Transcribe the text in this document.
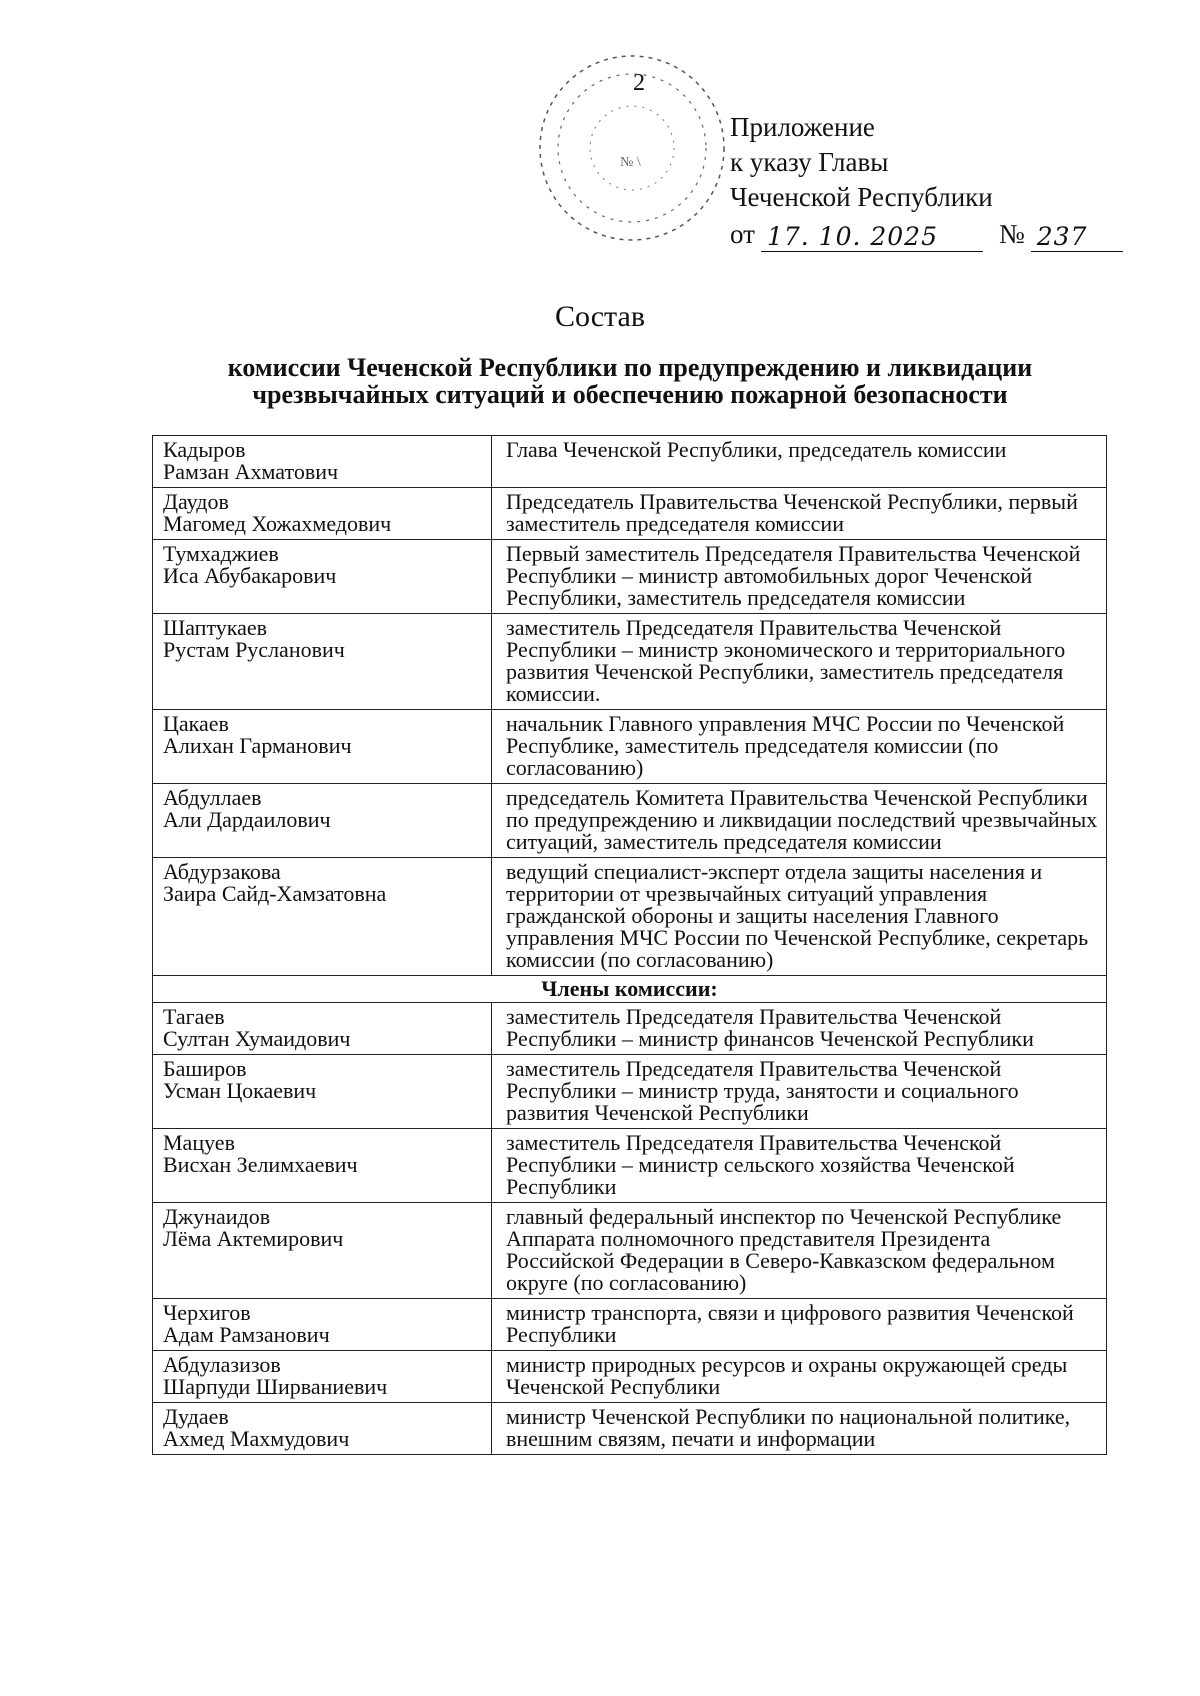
2
№ \
Приложение
к указу Главы
Чеченской Республики
от 17. 10. 2025	№ 237
Состав
комиссии Чеченской Республики по предупреждению и ликвидации чрезвычайных ситуаций и обеспечению пожарной безопасности
Кадыров
Рамзан Ахматович	Глава Чеченской Республики, председатель комиссии

Даудов
Магомед Хожахмедович	Председатель Правительства Чеченской Республики, первый заместитель председателя комиссии

Тумхаджиев
Иса Абубакарович	Первый заместитель Председателя Правительства Чеченской Республики – министр автомобильных дорог Чеченской Республики, заместитель председателя комиссии

Шаптукаев
Рустам Русланович	заместитель Председателя Правительства Чеченской Республики – министр экономического и территориального развития Чеченской Республики, заместитель председателя комиссии.

Цакаев
Алихан Гарманович	начальник Главного управления МЧС России по Чеченской Республике, заместитель председателя комиссии (по согласованию)

Абдуллаев
Али Дардаилович	председатель Комитета Правительства Чеченской Республики по предупреждению и ликвидации последствий чрезвычайных ситуаций, заместитель председателя комиссии

Абдурзакова
Заира Сайд-Хамзатовна	ведущий специалист-эксперт отдела защиты населения и территории от чрезвычайных ситуаций управления гражданской обороны и защиты населения Главного управления МЧС России по Чеченской Республике, секретарь комиссии (по согласованию)
Члены комиссии:	

Тагаев
Султан Хумаидович	заместитель Председателя Правительства Чеченской Республики – министр финансов Чеченской Республики

Баширов
Усман Цокаевич	заместитель Председателя Правительства Чеченской Республики – министр труда, занятости и социального развития Чеченской Республики

Мацуев
Висхан Зелимхаевич	заместитель Председателя Правительства Чеченской Республики – министр сельского хозяйства Чеченской Республики

Джунаидов
Лёма Актемирович	главный федеральный инспектор по Чеченской Республике Аппарата полномочного представителя Президента Российской Федерации в Северо-Кавказском федеральном округе (по согласованию)

Черхигов
Адам Рамзанович	министр транспорта, связи и цифрового развития Чеченской Республики

Абдулазизов
Шарпуди Ширваниевич	министр природных ресурсов и охраны окружающей среды Чеченской Республики

Дудаев
Ахмед Махмудович	министр Чеченской Республики по национальной политике, внешним связям, печати и информации
